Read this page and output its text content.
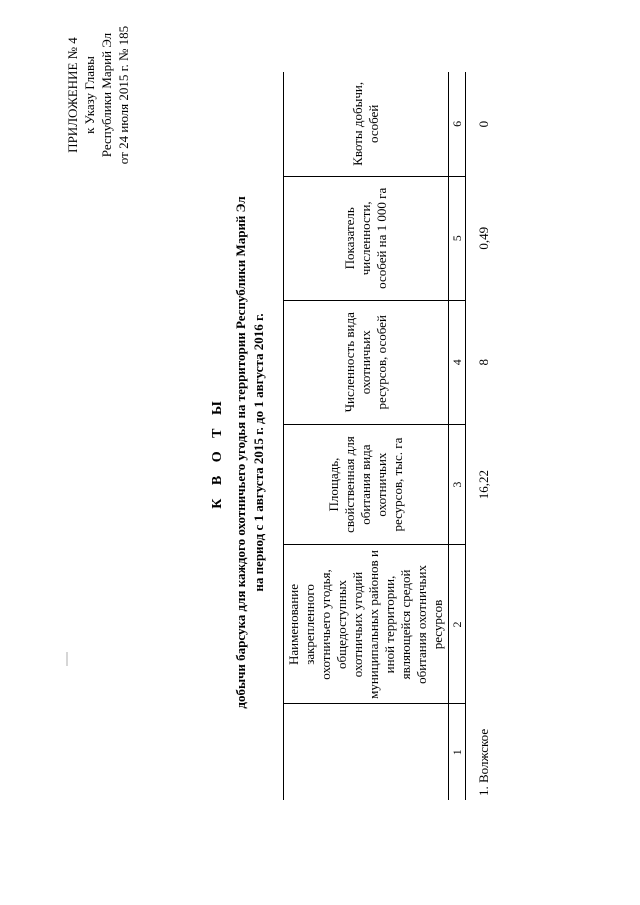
ПРИЛОЖЕНИЕ № 4 к Указу Главы Республики Марий Эл
от 24 июля 2015 г. № 185
К В О Т Ы добычи барсука для каждого охотничьего угодья на территории Республики Марий Эл на период с 1 августа 2015 г. до 1 августа 2016 г.
	Наименование закрепленного охотничьего угодья, общедоступных охотничьих угодий муниципальных районов и иной территории, являющейся средой обитания охотничьих ресурсов	Площадь, свойственная для обитания вида охотничьих ресурсов, тыс. га	Численность вида охотничьих ресурсов, особей	Показатель численности, особей на 1 000 га	Квоты добычи, особей
1	2	3	4	5	6
1. Волжское		16,22	8	0,49	0
